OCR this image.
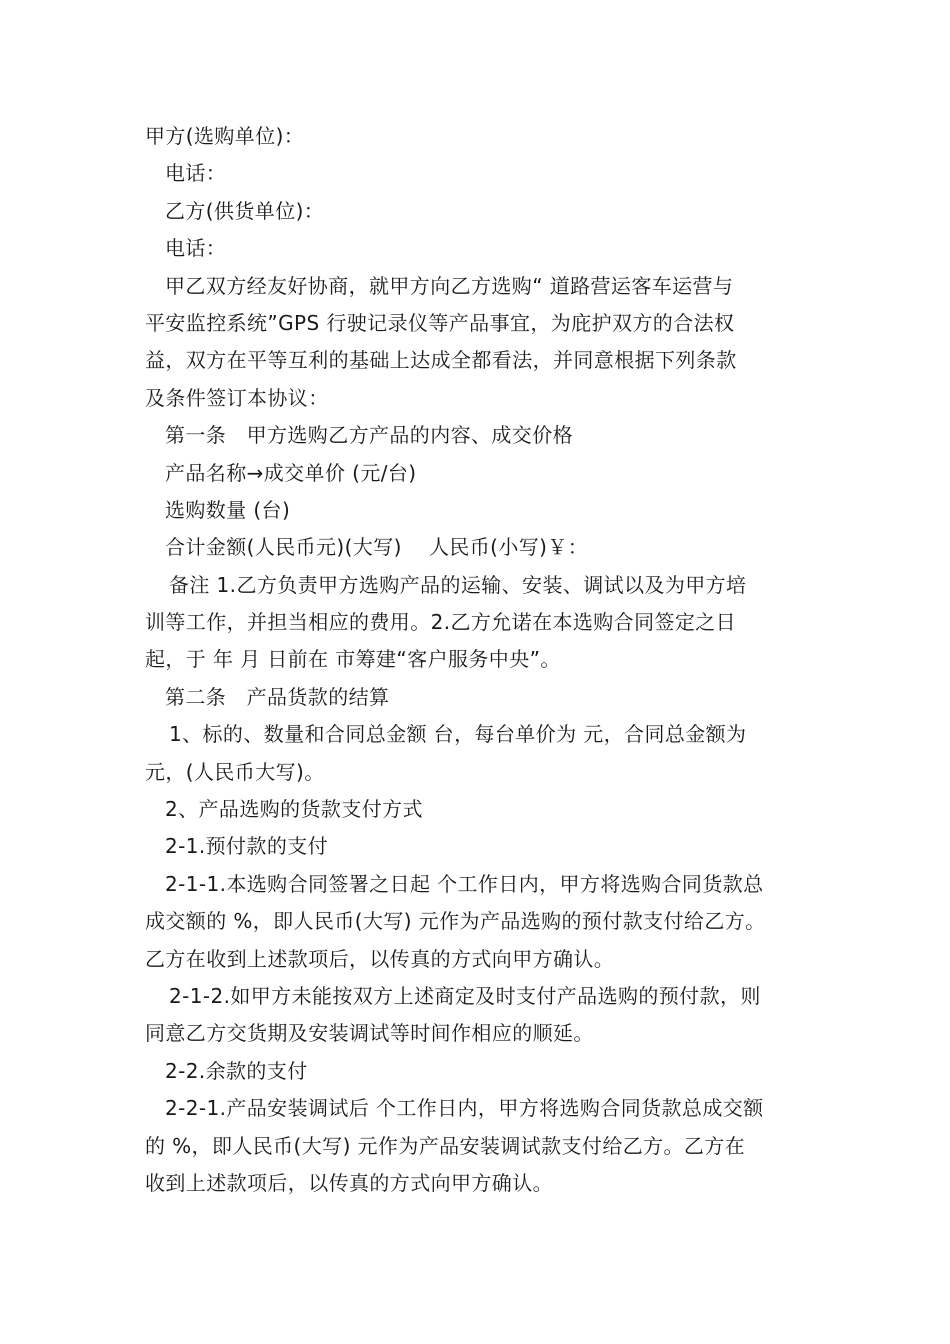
甲方(选购单位)：
电话：
乙方(供货单位)：
电话：
甲乙双方经友好协商，就甲方向乙方选购“ 道路营运客车运营与
平安监控系统”GPS 行驶记录仪等产品事宜，为庇护双方的合法权
益，双方在平等互利的基础上达成全都看法，并同意根据下列条款
及条件签订本协议：
第一条　甲方选购乙方产品的内容、成交价格
产品名称→成交单价 (元/台)
选购数量 (台)
合计金额(人民币元)(大写)　 人民币(小写)￥：
备注 1.乙方负责甲方选购产品的运输、安装、调试以及为甲方培
训等工作，并担当相应的费用。2.乙方允诺在本选购合同签定之日
起，于 年 月 日前在 市筹建“客户服务中央”。
第二条　产品货款的结算
1、标的、数量和合同总金额 台，每台单价为 元，合同总金额为
元，(人民币大写)。
2、产品选购的货款支付方式
2-1.预付款的支付
2-1-1.本选购合同签署之日起 个工作日内，甲方将选购合同货款总
成交额的 %，即人民币(大写) 元作为产品选购的预付款支付给乙方。
乙方在收到上述款项后，以传真的方式向甲方确认。
2-1-2.如甲方未能按双方上述商定及时支付产品选购的预付款，则
同意乙方交货期及安装调试等时间作相应的顺延。
2-2.余款的支付
2-2-1.产品安装调试后 个工作日内，甲方将选购合同货款总成交额
的 %，即人民币(大写) 元作为产品安装调试款支付给乙方。乙方在
收到上述款项后，以传真的方式向甲方确认。
